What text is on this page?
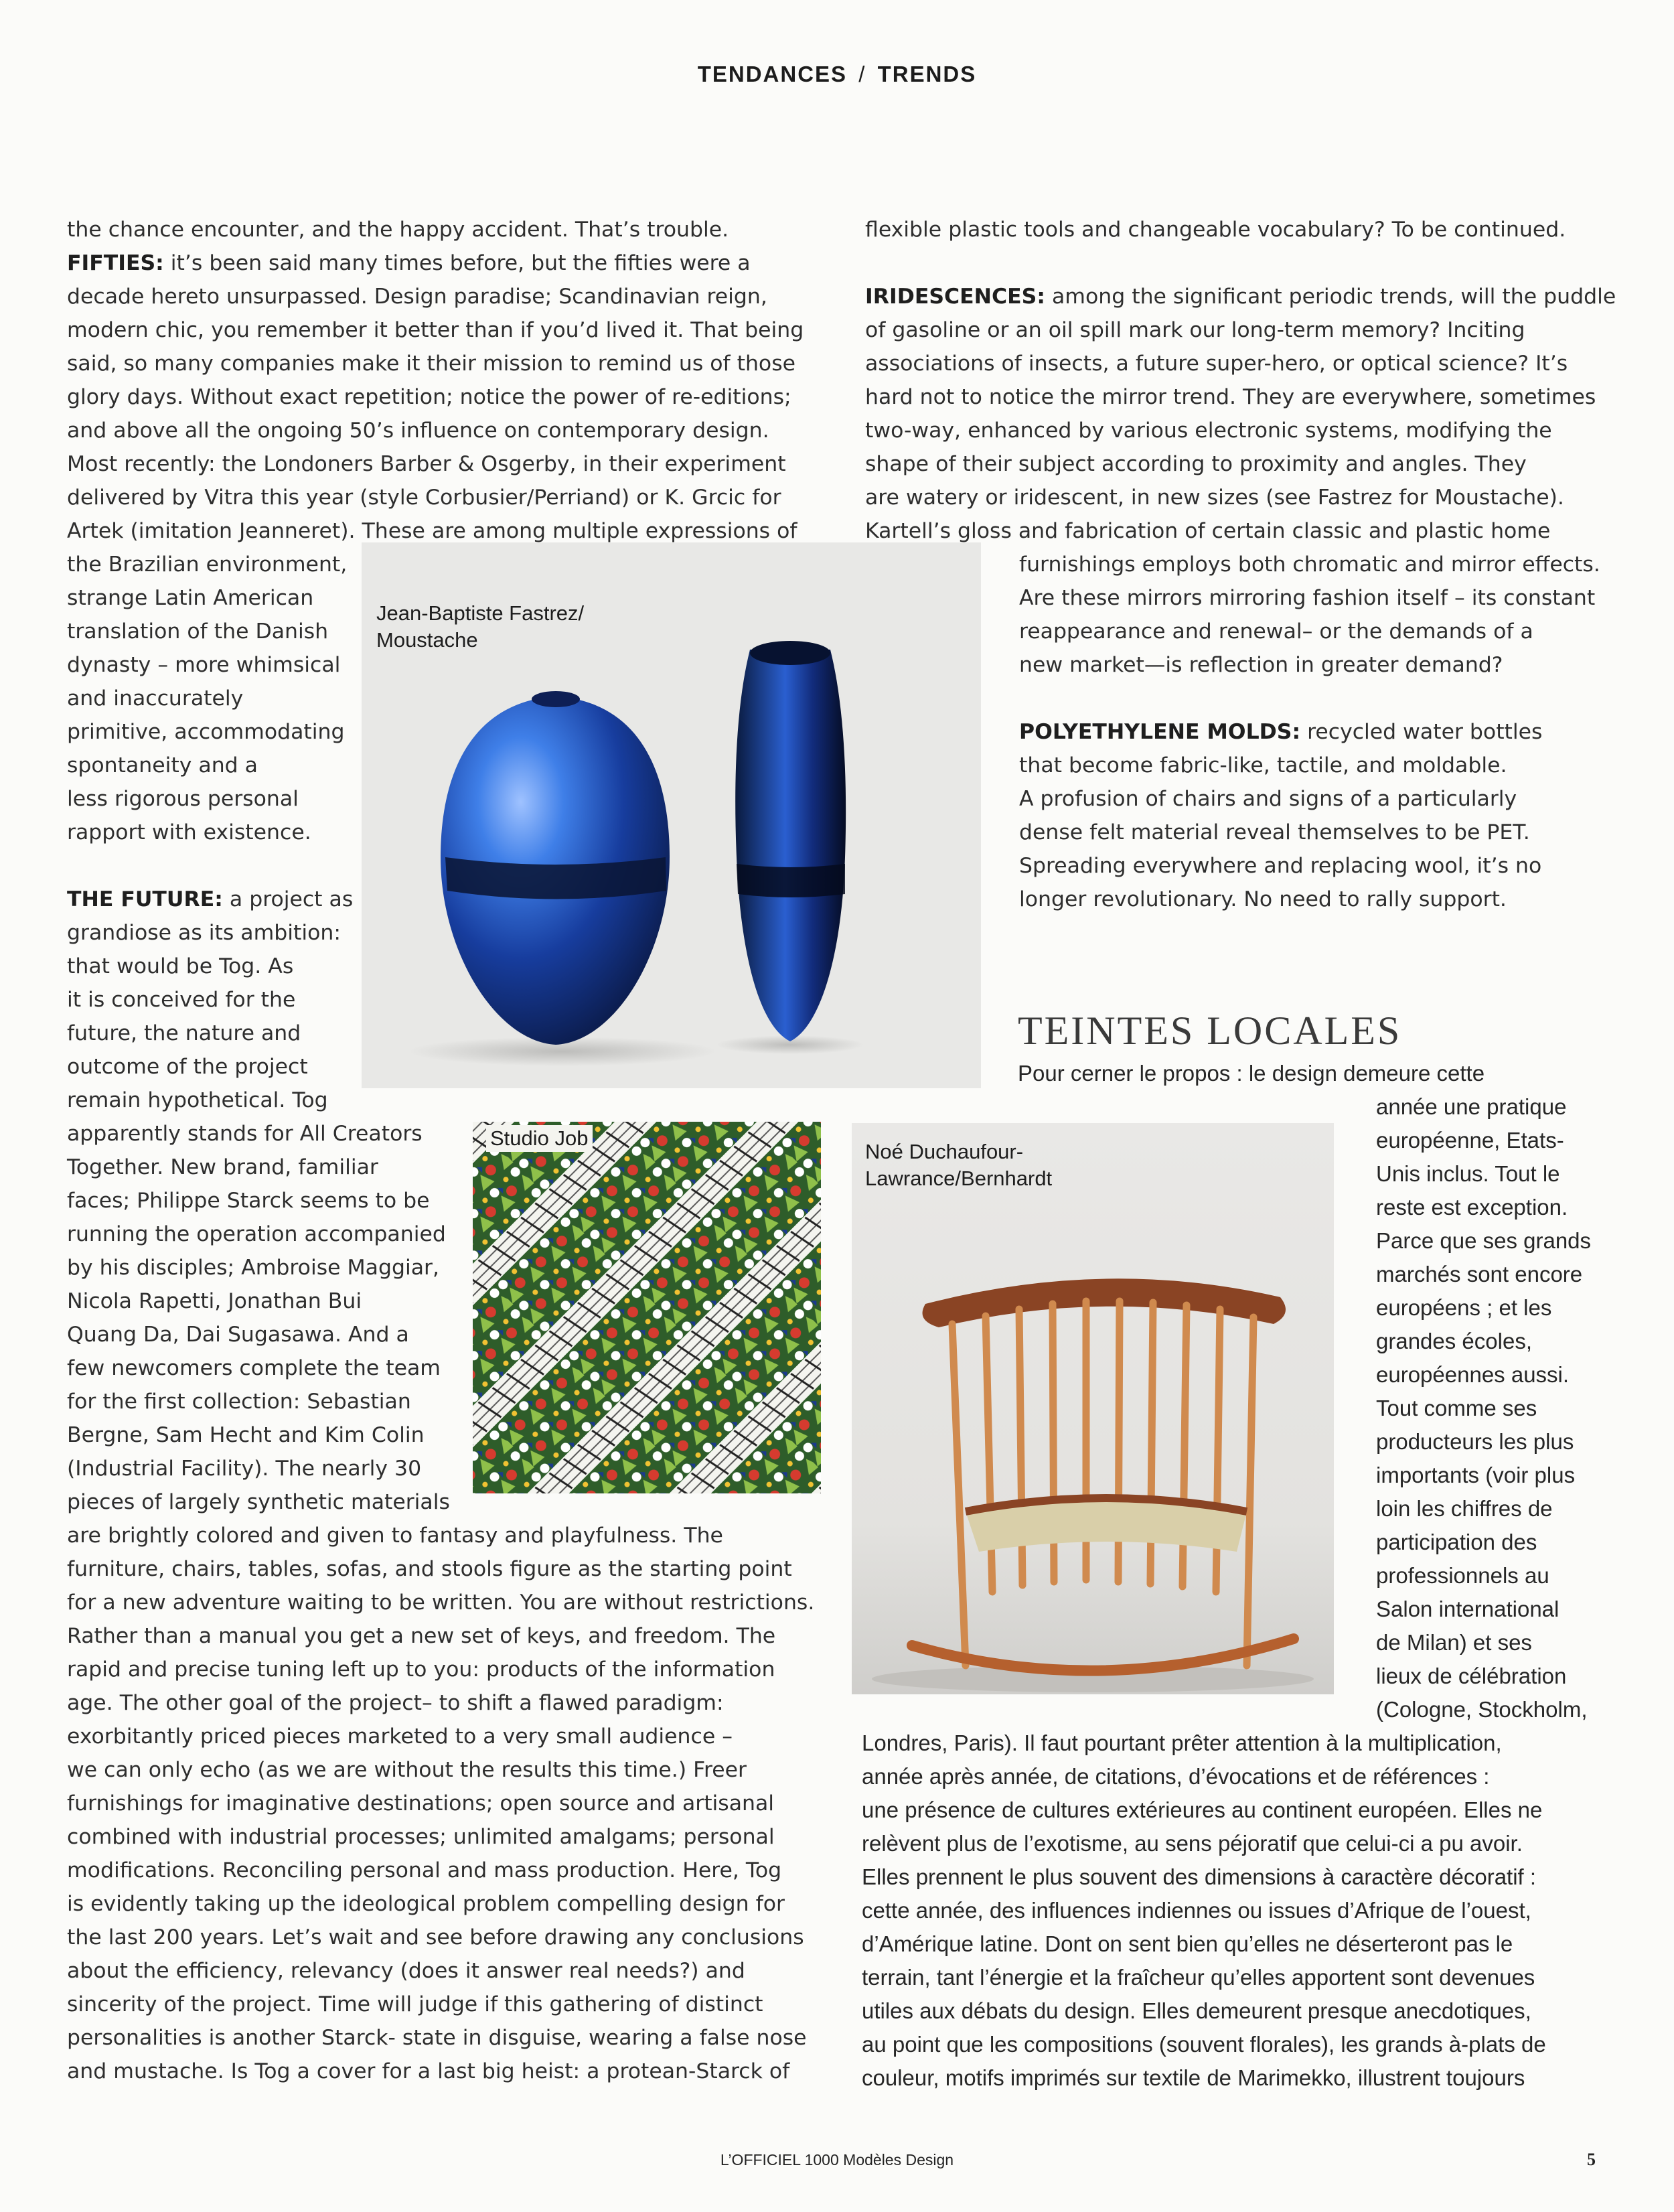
TENDANCES / TRENDS
Jean-Baptiste Fastrez/
Moustache
Studio Job
Noé Duchaufour-
Lawrance/Bernhardt
the chance encounter, and the happy accident. That’s trouble.
FIFTIES: it’s been said many times before, but the fifties were a
decade hereto unsurpassed. Design paradise; Scandinavian reign,
modern chic, you remember it better than if you’d lived it. That being
said, so many companies make it their mission to remind us of those
glory days. Without exact repetition; notice the power of re-editions;
and above all the ongoing 50’s influence on contemporary design.
Most recently: the Londoners Barber & Osgerby, in their experiment
delivered by Vitra this year (style Corbusier/Perriand) or K. Grcic for
Artek (imitation Jeanneret). These are among multiple expressions of
the Brazilian environment,
strange Latin American
translation of the Danish
dynasty – more whimsical
and inaccurately
primitive, accommodating
spontaneity and a
less rigorous personal
rapport with existence.
THE FUTURE: a project as
grandiose as its ambition:
that would be Tog. As
it is conceived for the
future, the nature and
outcome of the project
remain hypothetical. Tog
apparently stands for All Creators
Together. New brand, familiar
faces; Philippe Starck seems to be
running the operation accompanied
by his disciples; Ambroise Maggiar,
Nicola Rapetti, Jonathan Bui
Quang Da, Dai Sugasawa. And a
few newcomers complete the team
for the first collection: Sebastian
Bergne, Sam Hecht and Kim Colin
(Industrial Facility). The nearly 30
pieces of largely synthetic materials
are brightly colored and given to fantasy and playfulness. The
furniture, chairs, tables, sofas, and stools figure as the starting point
for a new adventure waiting to be written. You are without restrictions.
Rather than a manual you get a new set of keys, and freedom. The
rapid and precise tuning left up to you: products of the information
age. The other goal of the project– to shift a flawed paradigm:
exorbitantly priced pieces marketed to a very small audience –
we can only echo (as we are without the results this time.) Freer
furnishings for imaginative destinations; open source and artisanal
combined with industrial processes; unlimited amalgams; personal
modifications. Reconciling personal and mass production. Here, Tog
is evidently taking up the ideological problem compelling design for
the last 200 years. Let’s wait and see before drawing any conclusions
about the efficiency, relevancy (does it answer real needs?) and
sincerity of the project. Time will judge if this gathering of distinct
personalities is another Starck- state in disguise, wearing a false nose
and mustache. Is Tog a cover for a last big heist: a protean-Starck of
flexible plastic tools and changeable vocabulary? To be continued.
IRIDESCENCES: among the significant periodic trends, will the puddle
of gasoline or an oil spill mark our long-term memory? Inciting
associations of insects, a future super-hero, or optical science? It’s
hard not to notice the mirror trend. They are everywhere, sometimes
two-way, enhanced by various electronic systems, modifying the
shape of their subject according to proximity and angles. They
are watery or iridescent, in new sizes (see Fastrez for Moustache).
Kartell’s gloss and fabrication of certain classic and plastic home
furnishings employs both chromatic and mirror effects.
Are these mirrors mirroring fashion itself – its constant
reappearance and renewal– or the demands of a
new market—is reflection in greater demand?
POLYETHYLENE MOLDS: recycled water bottles
that become fabric-like, tactile, and moldable.
A profusion of chairs and signs of a particularly
dense felt material reveal themselves to be PET.
Spreading everywhere and replacing wool, it’s no
longer revolutionary. No need to rally support.
TEINTES LOCALES
Pour cerner le propos : le design demeure cette
année une pratique
européenne, Etats-
Unis inclus. Tout le
reste est exception.
Parce que ses grands
marchés sont encore
européens ; et les
grandes écoles,
européennes aussi.
Tout comme ses
producteurs les plus
importants (voir plus
loin les chiffres de
participation des
professionnels au
Salon international
de Milan) et ses
lieux de célébration
(Cologne, Stockholm,
Londres, Paris). Il faut pourtant prêter attention à la multiplication,
année après année, de citations, d’évocations et de références :
une présence de cultures extérieures au continent européen. Elles ne
relèvent plus de l’exotisme, au sens péjoratif que celui-ci a pu avoir.
Elles prennent le plus souvent des dimensions à caractère décoratif :
cette année, des influences indiennes ou issues d’Afrique de l’ouest,
d’Amérique latine. Dont on sent bien qu’elles ne déserteront pas le
terrain, tant l’énergie et la fraîcheur qu’elles apportent sont devenues
utiles aux débats du design. Elles demeurent presque anecdotiques,
au point que les compositions (souvent florales), les grands à-plats de
couleur, motifs imprimés sur textile de Marimekko, illustrent toujours
L’OFFICIEL 1000 Modèles Design	5
